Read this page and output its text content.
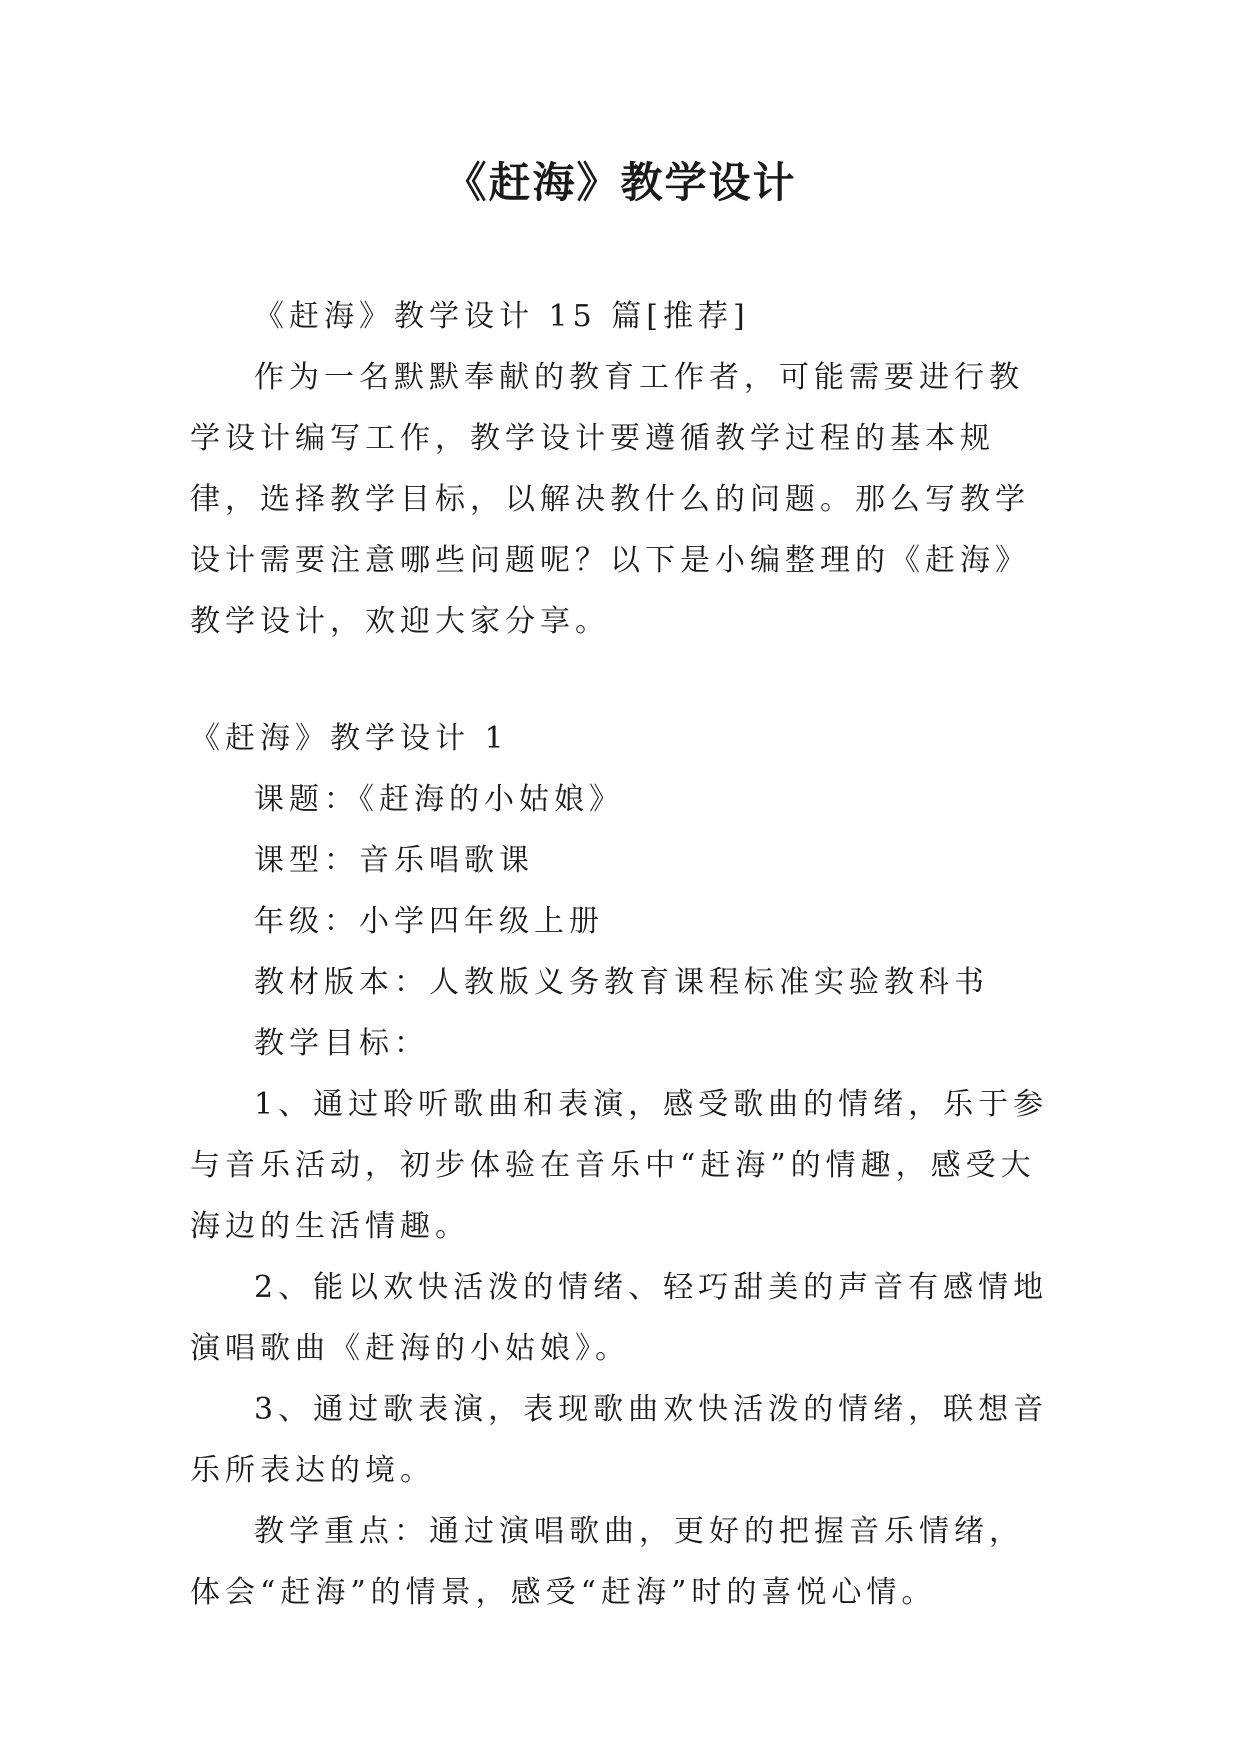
《赶海》教学设计

《赶海》教学设计 15 篇[推荐]

作为一名默默奉献的教育工作者，可能需要进行教学设计编写工作，教学设计要遵循教学过程的基本规律，选择教学目标，以解决教什么的问题。那么写教学设计需要注意哪些问题呢？以下是小编整理的《赶海》教学设计，欢迎大家分享。

《赶海》教学设计 1

课题：《赶海的小姑娘》

课型：音乐唱歌课

年级：小学四年级上册

教材版本：人教版义务教育课程标准实验教科书

教学目标：

1、通过聆听歌曲和表演，感受歌曲的情绪，乐于参与音乐活动，初步体验在音乐中“赶海”的情趣，感受大海边的生活情趣。

2、能以欢快活泼的情绪、轻巧甜美的声音有感情地演唱歌曲《赶海的小姑娘》。

3、通过歌表演，表现歌曲欢快活泼的情绪，联想音乐所表达的境。

教学重点：通过演唱歌曲，更好的把握音乐情绪，体会“赶海”的情景，感受“赶海”时的喜悦心情。
